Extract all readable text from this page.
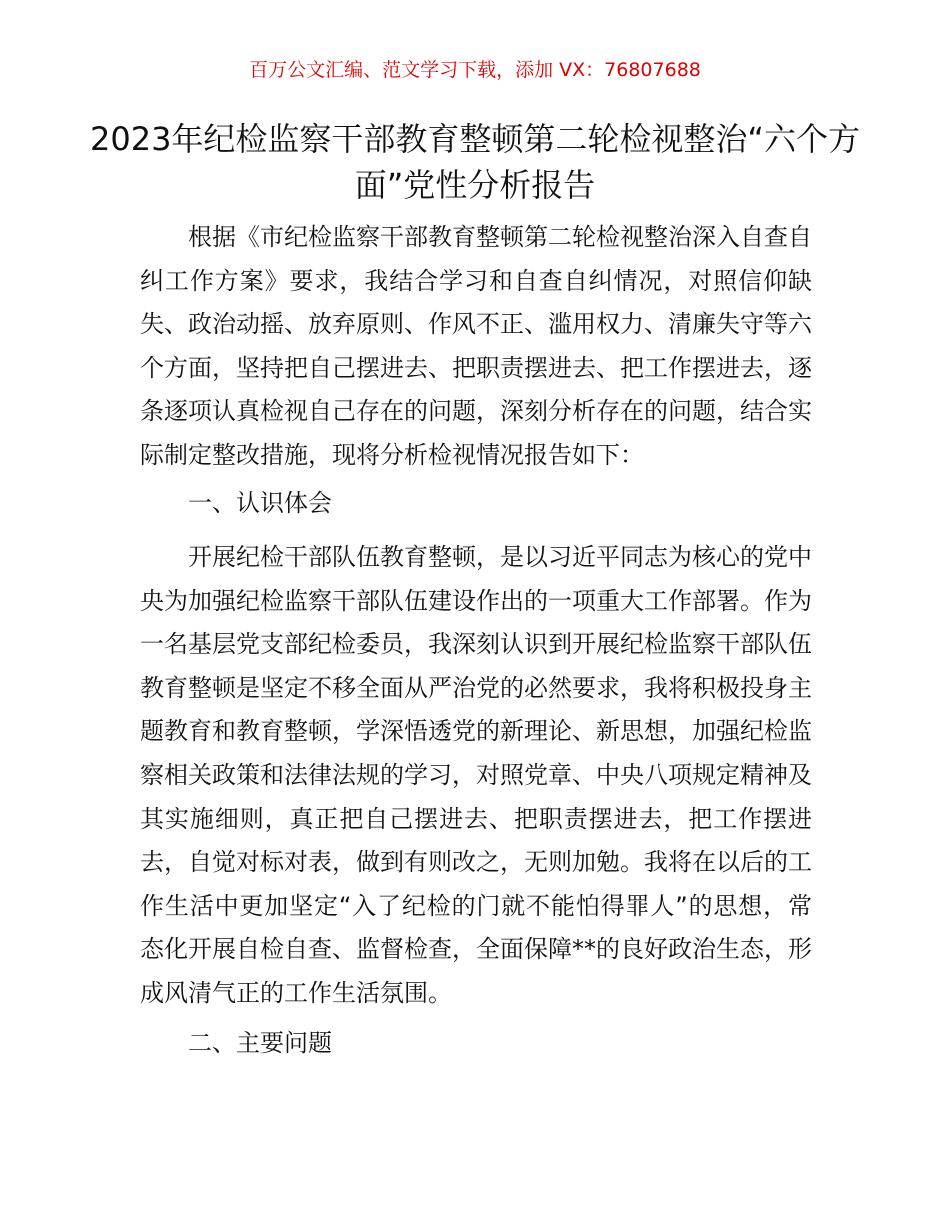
百万公文汇编、范文学习下载，添加 VX：76807688
2023年纪检监察干部教育整顿第二轮检视整治“六个方面”党性分析报告

根据《市纪检监察干部教育整顿第二轮检视整治深入自查自纠工作方案》要求，我结合学习和自查自纠情况，对照信仰缺失、政治动摇、放弃原则、作风不正、滥用权力、清廉失守等六个方面，坚持把自己摆进去、把职责摆进去、把工作摆进去，逐条逐项认真检视自己存在的问题，深刻分析存在的问题，结合实际制定整改措施，现将分析检视情况报告如下：

一、认识体会

开展纪检干部队伍教育整顿，是以习近平同志为核心的党中央为加强纪检监察干部队伍建设作出的一项重大工作部署。作为一名基层党支部纪检委员，我深刻认识到开展纪检监察干部队伍教育整顿是坚定不移全面从严治党的必然要求，我将积极投身主题教育和教育整顿，学深悟透党的新理论、新思想，加强纪检监察相关政策和法律法规的学习，对照党章、中央八项规定精神及其实施细则，真正把自己摆进去、把职责摆进去，把工作摆进去，自觉对标对表，做到有则改之，无则加勉。我将在以后的工作生活中更加坚定“入了纪检的门就不能怕得罪人”的思想，常态化开展自检自查、监督检查，全面保障**的良好政治生态，形成风清气正的工作生活氛围。

二、主要问题
